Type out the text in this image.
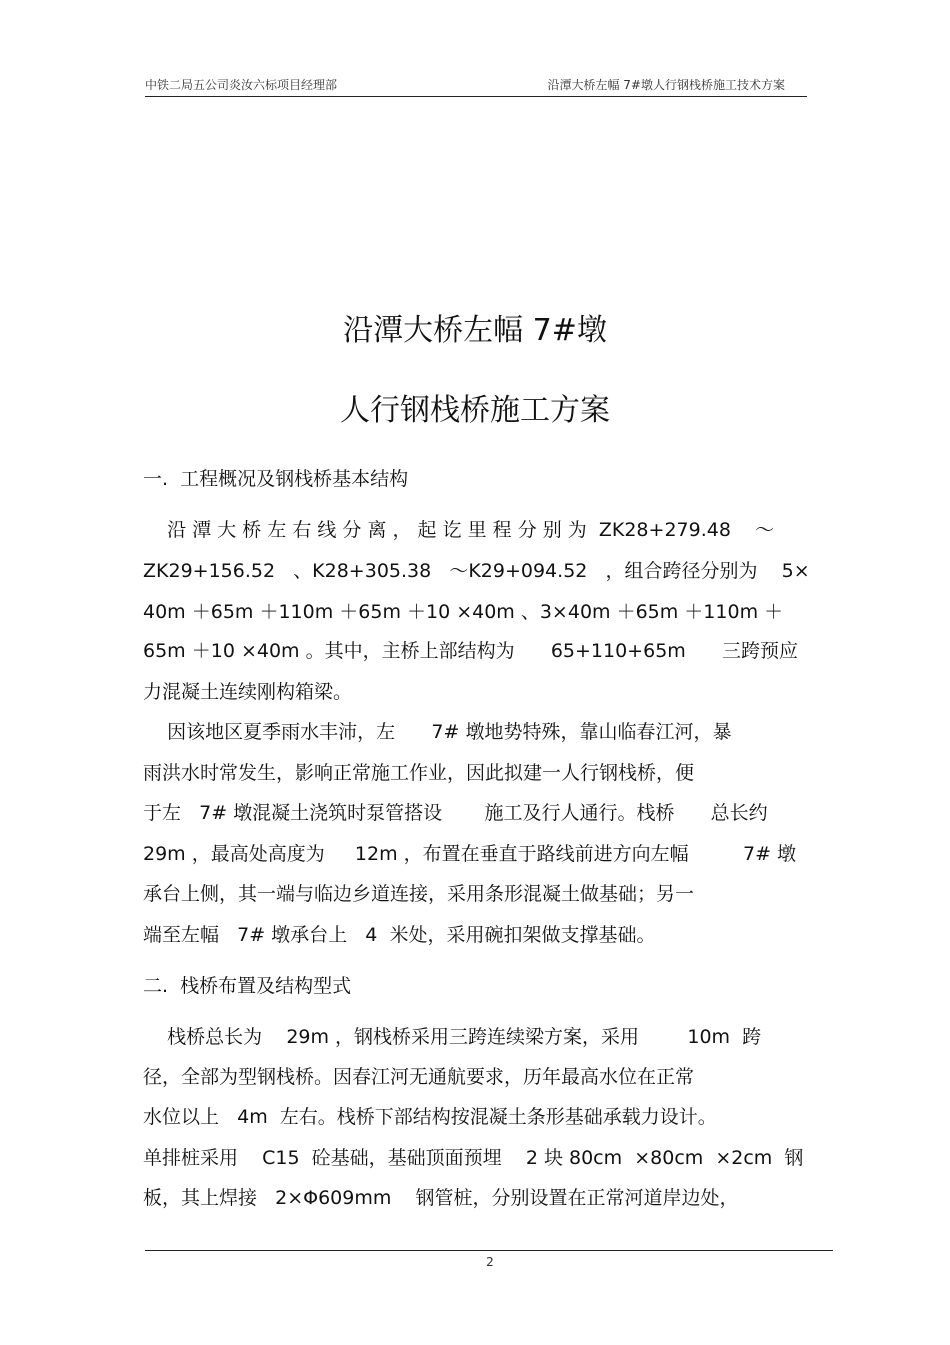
中铁二局五公司炎汝六标项目经理部	沿潭大桥左幅 7#墩人行钢栈桥施工技术方案
沿潭大桥左幅 7#墩
人行钢栈桥施工方案
一.  工程概况及钢栈桥基本结构
沿 潭 大 桥 左 右 线 分 离 ， 起 讫 里 程 分 别 为  ZK28+279.48    ～
ZK29+156.52   、K28+305.38   ～K29+094.52   ，组合跨径分别为    5×
40m ＋65m ＋110m ＋65m ＋10 ×40m 、3×40m ＋65m ＋110m ＋
65m ＋10 ×40m 。其中，主桥上部结构为      65+110+65m      三跨预应
力混凝土连续刚构箱梁。
因该地区夏季雨水丰沛，左      7# 墩地势特殊，靠山临春江河，暴
雨洪水时常发生，影响正常施工作业，因此拟建一人行钢栈桥，便
于左   7# 墩混凝土浇筑时泵管搭设       施工及行人通行。栈桥      总长约
29m ，最高处高度为     12m ，布置在垂直于路线前进方向左幅         7# 墩
承台上侧，其一端与临边乡道连接，采用条形混凝土做基础；另一
端至左幅   7# 墩承台上   4  米处，采用碗扣架做支撑基础。
二.  栈桥布置及结构型式
栈桥总长为    29m ，钢栈桥采用三跨连续梁方案，采用        10m  跨
径，全部为型钢栈桥。因春江河无通航要求，历年最高水位在正常
水位以上   4m  左右。栈桥下部结构按混凝土条形基础承载力设计。
单排桩采用    C15  砼基础，基础顶面预埋    2 块 80cm  ×80cm  ×2cm  钢
板，其上焊接   2×Φ609mm    钢管桩，分别设置在正常河道岸边处，
2
